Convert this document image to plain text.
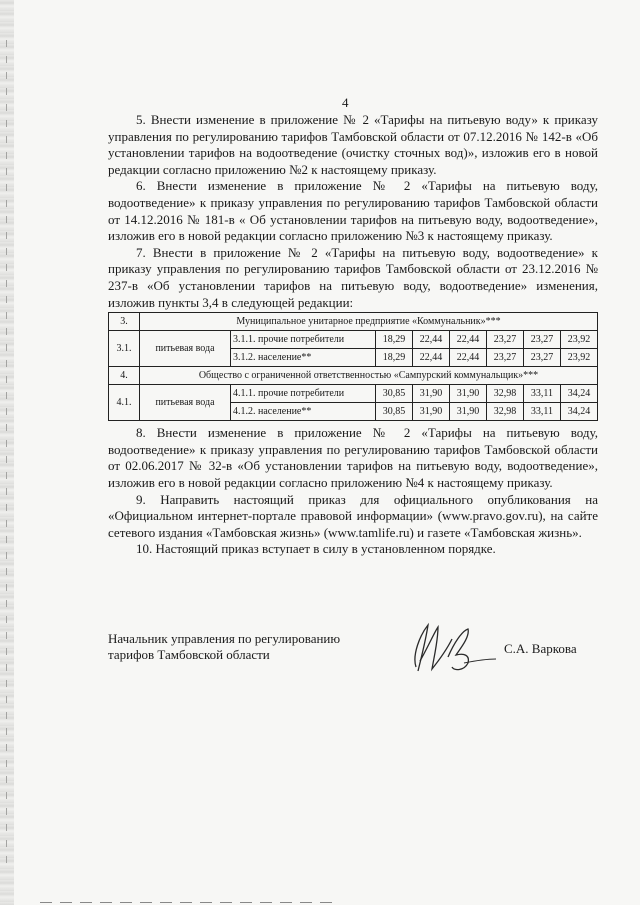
4

5. Внести изменение в приложение № 2 «Тарифы на питьевую воду» к приказу управления по регулированию тарифов Тамбовской области от 07.12.2016 № 142-в «Об установлении тарифов на водоотведение (очистку сточных вод)», изложив его в новой редакции согласно приложению №2 к настоящему приказу.

6. Внести изменение в приложение № 2 «Тарифы на питьевую воду, водоотведение» к приказу управления по регулированию тарифов Тамбовской области от 14.12.2016 № 181-в « Об установлении тарифов на питьевую воду, водоотведение», изложив его в новой редакции согласно приложению №3 к настоящему приказу.

7. Внести в приложение № 2 «Тарифы на питьевую воду, водоотведение» к приказу управления по регулированию тарифов Тамбовской области от 23.12.2016 № 237-в «Об установлении тарифов на питьевую воду, водоотведение» изменения, изложив пункты 3,4 в следующей редакции:

3.	Муниципальное унитарное предприятие «Коммунальник»***							
3.1.	питьевая вода	3.1.1. прочие потребители	18,29	22,44	22,44	23,27	23,27	23,92
		3.1.2. население**	18,29	22,44	22,44	23,27	23,27	23,92
4.	Общество с ограниченной ответственностью «Сампурский коммунальщик»***							
4.1.	питьевая вода	4.1.1. прочие потребители	30,85	31,90	31,90	32,98	33,11	34,24
		4.1.2. население**	30,85	31,90	31,90	32,98	33,11	34,24

8. Внести изменение в приложение № 2 «Тарифы на питьевую воду, водоотведение» к приказу управления по регулированию тарифов Тамбовской области от 02.06.2017 № 32-в «Об установлении тарифов на питьевую воду, водоотведение», изложив его в новой редакции согласно приложению №4 к настоящему приказу.

9. Направить настоящий приказ для официального опубликования на «Официальном интернет-портале правовой информации» (www.pravo.gov.ru), на сайте сетевого издания «Тамбовская жизнь» (www.tamlife.ru) и газете «Тамбовская жизнь».

10. Настоящий приказ вступает в силу в установленном порядке.

Начальник управления по регулированию
тарифов Тамбовской области	С.А. Варкова
